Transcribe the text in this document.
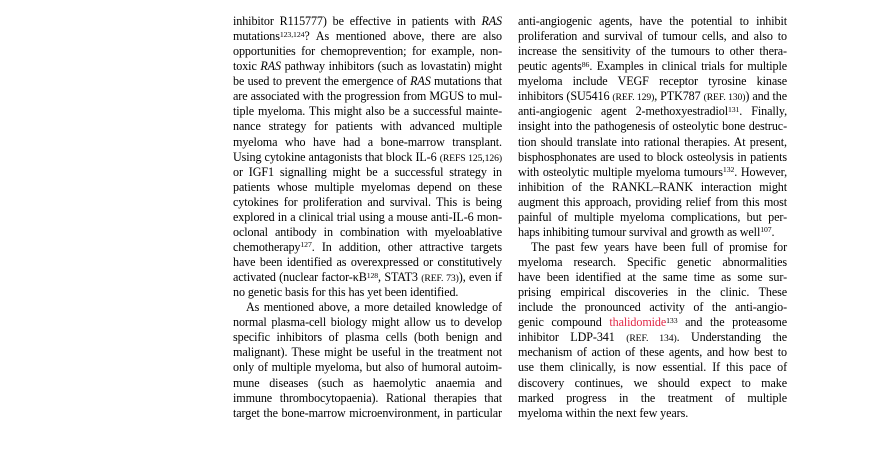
inhibitor R115777) be effective in patients with RAS
mutations$^{123,124}$? As mentioned above, there are also
opportunities for chemoprevention; for example, non-
toxic RAS pathway inhibitors (such as lovastatin) might
be used to prevent the emergence of RAS mutations that
are associated with the progression from MGUS to mul-
tiple myeloma. This might also be a successful mainte-
nance strategy for patients with advanced multiple
myeloma who have had a bone-marrow transplant.
Using cytokine antagonists that block IL-6 (REFS 125,126)
or IGF1 signalling might be a successful strategy in
patients whose multiple myelomas depend on these
cytokines for proliferation and survival. This is being
explored in a clinical trial using a mouse anti-IL-6 mon-
oclonal antibody in combination with myeloablative
chemotherapy$^{127}$. In addition, other attractive targets
have been identified as overexpressed or constitutively
activated (nuclear factor-$\kappa B^{128}$, STAT3 (REF. 73)), even if
no genetic basis for this has yet been identified.
As mentioned above, a more detailed knowledge of
normal plasma-cell biology might allow us to develop
specific inhibitors of plasma cells (both benign and
malignant). These might be useful in the treatment not
only of multiple myeloma, but also of humoral autoim-
mune diseases (such as haemolytic anaemia and
immune thrombocytopaenia). Rational therapies that
target the bone-marrow microenvironment, in particular
anti-angiogenic agents, have the potential to inhibit
proliferation and survival of tumour cells, and also to
increase the sensitivity of the tumours to other thera-
peutic agents$^{86}$. Examples in clinical trials for multiple
myeloma include VEGF receptor tyrosine kinase
inhibitors (SU5416 (REF. 129), PTK787 (REF. 130)) and the
anti-angiogenic agent 2-methoxyestradiol$^{131}$. Finally,
insight into the pathogenesis of osteolytic bone destruc-
tion should translate into rational therapies. At present,
bisphosphonates are used to block osteolysis in patients
with osteolytic multiple myeloma tumours$^{132}$. However,
inhibition of the RANKL–RANK interaction might
augment this approach, providing relief from this most
painful of multiple myeloma complications, but per-
haps inhibiting tumour survival and growth as well$^{107}$.
The past few years have been full of promise for
myeloma research. Specific genetic abnormalities
have been identified at the same time as some sur-
prising empirical discoveries in the clinic. These
include the pronounced activity of the anti-angio-
genic compound thalidomide$^{133}$ and the proteasome
inhibitor LDP-341 (REF. 134). Understanding the
mechanism of action of these agents, and how best to
use them clinically, is now essential. If this pace of
discovery continues, we should expect to make
marked progress in the treatment of multiple
myeloma within the next few years.
